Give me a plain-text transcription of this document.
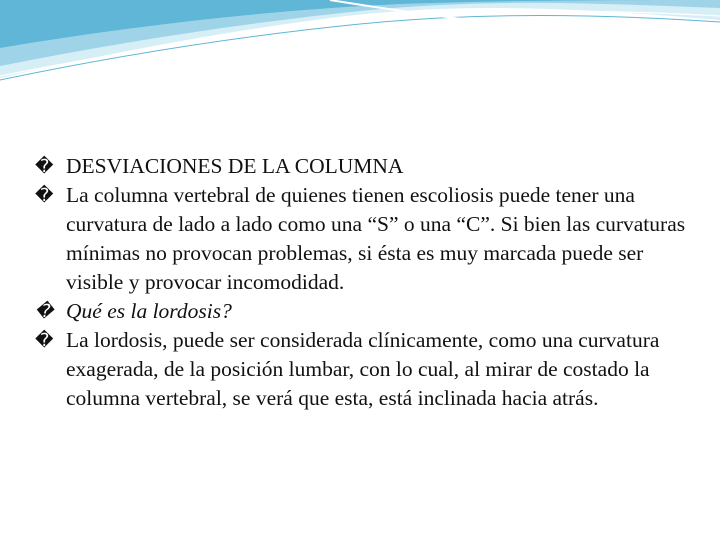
� DESVIACIONES DE LA COLUMNA

� La columna vertebral de quienes tienen escoliosis puede tener una curvatura de lado a lado como una “S” o una “C”. Si bien las curvaturas mínimas no provocan problemas, si ésta es muy marcada puede ser visible y provocar incomodidad.

� Qué es la lordosis?

� La lordosis, puede ser considerada clínicamente, como una curvatura exagerada, de la posición lumbar, con lo cual, al mirar de costado la columna vertebral, se verá que esta, está inclinada hacia atrás.
